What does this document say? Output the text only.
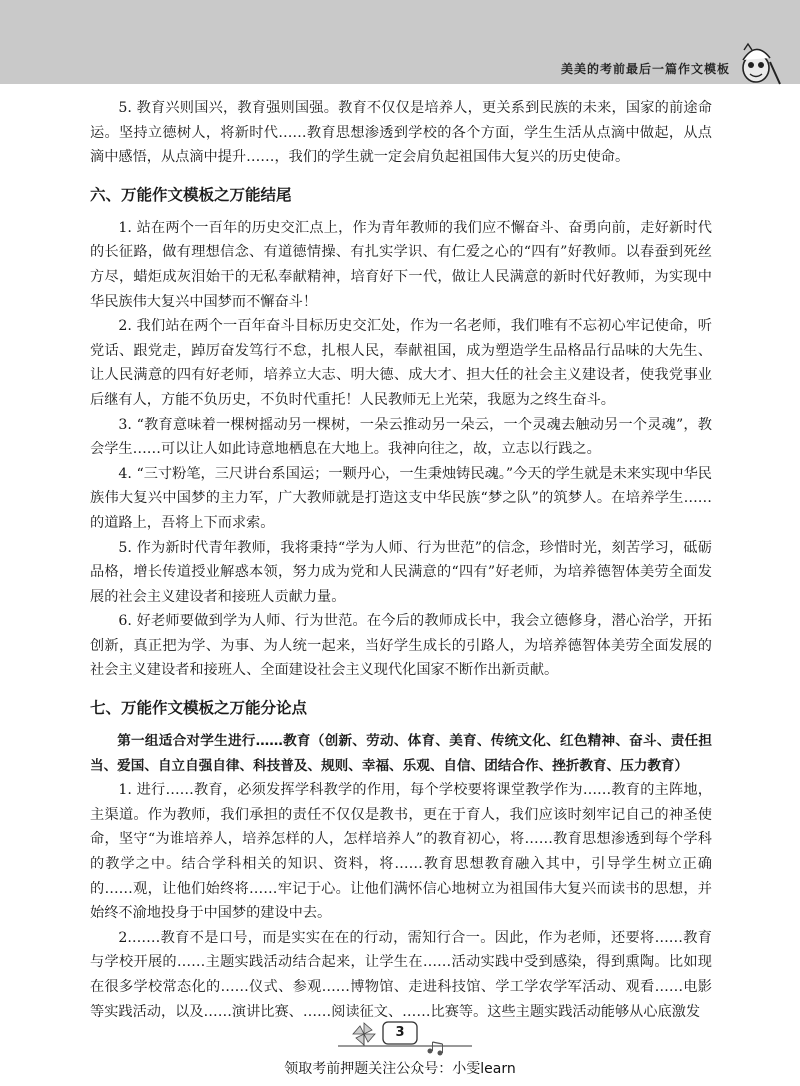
美美的考前最后一篇作文模板

5. 教育兴则国兴，教育强则国强。教育不仅仅是培养人，更关系到民族的未来，国家的前途命运。坚持立德树人，将新时代……教育思想渗透到学校的各个方面，学生生活从点滴中做起，从点滴中感悟，从点滴中提升……，我们的学生就一定会肩负起祖国伟大复兴的历史使命。

六、万能作文模板之万能结尾

1. 站在两个一百年的历史交汇点上，作为青年教师的我们应不懈奋斗、奋勇向前，走好新时代的长征路，做有理想信念、有道德情操、有扎实学识、有仁爱之心的“四有”好教师。以春蚕到死丝方尽，蜡炬成灰泪始干的无私奉献精神，培育好下一代，做让人民满意的新时代好教师，为实现中华民族伟大复兴中国梦而不懈奋斗！

2. 我们站在两个一百年奋斗目标历史交汇处，作为一名老师，我们唯有不忘初心牢记使命，听党话、跟党走，踔厉奋发笃行不怠，扎根人民，奉献祖国，成为塑造学生品格品行品味的大先生、让人民满意的四有好老师，培养立大志、明大德、成大才、担大任的社会主义建设者，使我党事业后继有人，方能不负历史，不负时代重托！人民教师无上光荣，我愿为之终生奋斗。

3. “教育意味着一棵树摇动另一棵树，一朵云推动另一朵云，一个灵魂去触动另一个灵魂”，教会学生……可以让人如此诗意地栖息在大地上。我神向往之，故，立志以行践之。

4. “三寸粉笔，三尺讲台系国运；一颗丹心，一生秉烛铸民魂。”今天的学生就是未来实现中华民族伟大复兴中国梦的主力军，广大教师就是打造这支中华民族“梦之队”的筑梦人。在培养学生……的道路上，吾将上下而求索。

5. 作为新时代青年教师，我将秉持“学为人师、行为世范”的信念，珍惜时光，刻苦学习，砥砺品格，增长传道授业解惑本领，努力成为党和人民满意的“四有”好老师，为培养德智体美劳全面发展的社会主义建设者和接班人贡献力量。

6. 好老师要做到学为人师、行为世范。在今后的教师成长中，我会立德修身，潜心治学，开拓创新，真正把为学、为事、为人统一起来，当好学生成长的引路人，为培养德智体美劳全面发展的社会主义建设者和接班人、全面建设社会主义现代化国家不断作出新贡献。

七、万能作文模板之万能分论点

第一组适合对学生进行……教育（创新、劳动、体育、美育、传统文化、红色精神、奋斗、责任担当、爱国、自立自强自律、科技普及、规则、幸福、乐观、自信、团结合作、挫折教育、压力教育）

1. 进行……教育，必须发挥学科教学的作用，每个学校要将课堂教学作为……教育的主阵地，主渠道。作为教师，我们承担的责任不仅仅是教书，更在于育人，我们应该时刻牢记自己的神圣使命，坚守“为谁培养人，培养怎样的人，怎样培养人”的教育初心，将……教育思想渗透到每个学科的教学之中。结合学科相关的知识、资料，将……教育思想教育融入其中，引导学生树立正确的……观，让他们始终将……牢记于心。让他们满怀信心地树立为祖国伟大复兴而读书的思想，并始终不渝地投身于中国梦的建设中去。

2.……教育不是口号，而是实实在在的行动，需知行合一。因此，作为老师，还要将……教育与学校开展的……主题实践活动结合起来，让学生在……活动实践中受到感染，得到熏陶。比如现在很多学校常态化的……仪式、参观……博物馆、走进科技馆、学工学农学军活动、观看……电影等实践活动，以及……演讲比赛、……阅读征文、……比赛等。这些主题实践活动能够从心底激发

3
领取考前押题关注公众号：小雯learn
